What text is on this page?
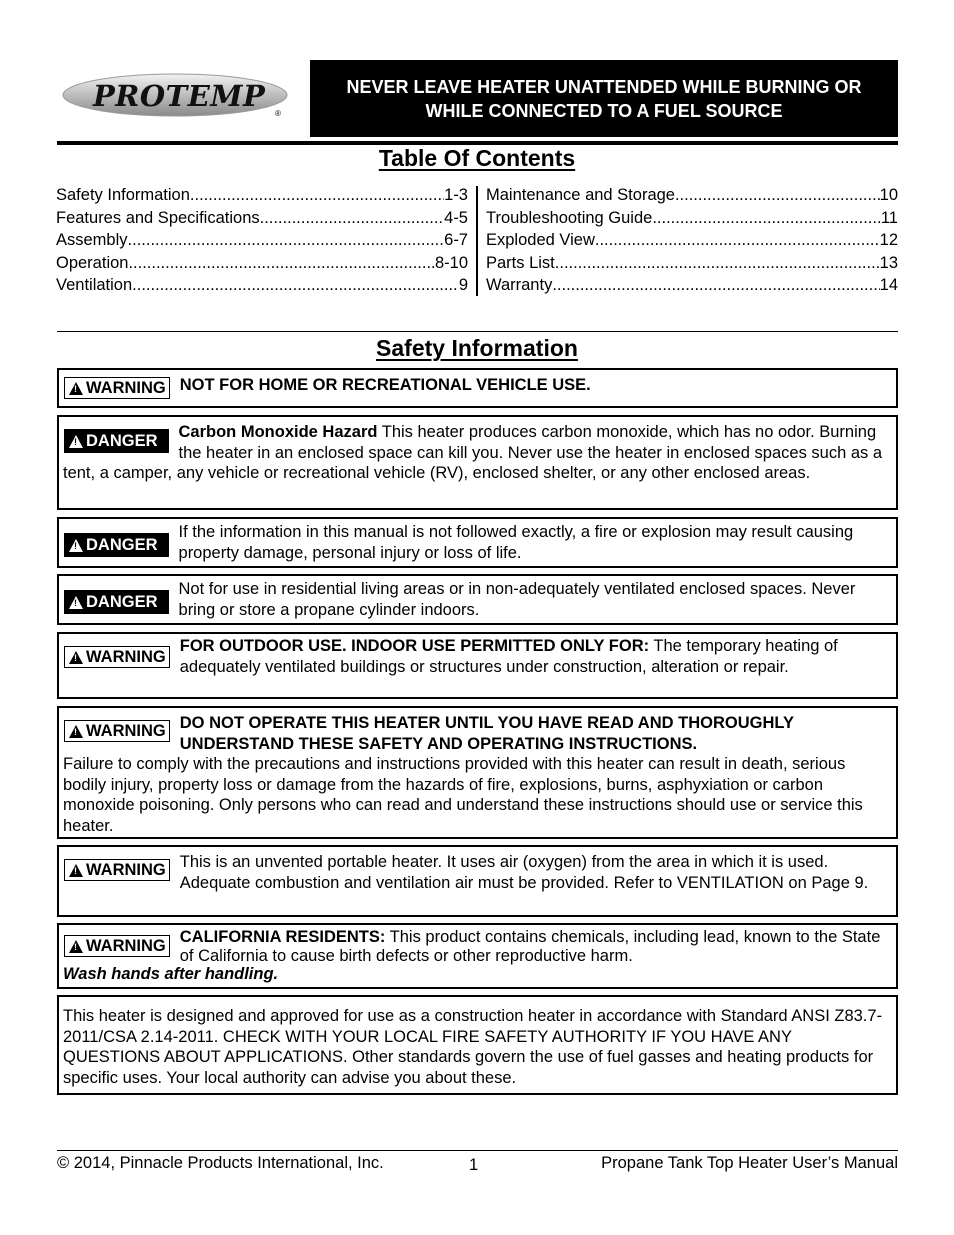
PROTEMP
®
NEVER LEAVE HEATER UNATTENDED WHILE BURNING OR
WHILE CONNECTED TO A FUEL SOURCE
Table Of Contents
Safety Information .....	1-3
Features and Specifications .....	4-5
Assembly .....	6-7
Operation .....	8-10
Ventilation .....	9
Maintenance and Storage .....	10
Troubleshooting Guide .....	11
Exploded View .....	12
Parts List .....	13
Warranty .....	14
Safety Information
!
WARNING NOT FOR HOME OR RECREATIONAL VEHICLE USE.
!
DANGER Carbon Monoxide Hazard This heater produces carbon monoxide, which has no odor. Burning the heater in an enclosed space can kill you. Never use the heater in enclosed spaces such as a tent, a camper, any vehicle or recreational vehicle (RV), enclosed shelter, or any other enclosed areas.
!
DANGER
If the information in this manual is not followed exactly, a fire or explosion may result causing property damage, personal injury or loss of life.
!
DANGER
Not for use in residential living areas or in non-adequately ventilated enclosed spaces. Never bring or store a propane cylinder indoors.
!
WARNING
FOR OUTDOOR USE. INDOOR USE PERMITTED ONLY FOR: The temporary heating of adequately ventilated buildings or structures under construction, alteration or repair.
!
WARNING DO NOT OPERATE THIS HEATER UNTIL YOU HAVE READ AND THOROUGHLY UNDERSTAND THESE SAFETY AND OPERATING INSTRUCTIONS.
Failure to comply with the precautions and instructions provided with this heater can result in death, serious bodily injury, property loss or damage from the hazards of fire, explosions, burns, asphyxiation or carbon monoxide poisoning. Only persons who can read and understand these instructions should use or service this heater.
!
WARNING This is an unvented portable heater. It uses air (oxygen) from the area in which it is used. Adequate combustion and ventilation air must be provided. Refer to VENTILATION on Page 9.
!
WARNING CALIFORNIA RESIDENTS: This product contains chemicals, including lead, known to the State of California to cause birth defects or other reproductive harm.
Wash hands after handling.
This heater is designed and approved for use as a construction heater in accordance with Standard ANSI Z83.7-2011/CSA 2.14-2011. CHECK WITH YOUR LOCAL FIRE SAFETY AUTHORITY IF YOU HAVE ANY QUESTIONS ABOUT APPLICATIONS. Other standards govern the use of fuel gasses and heating products for specific uses. Your local authority can advise you about these.
© 2014, Pinnacle Products International, Inc.	1	Propane Tank Top Heater User’s Manual
